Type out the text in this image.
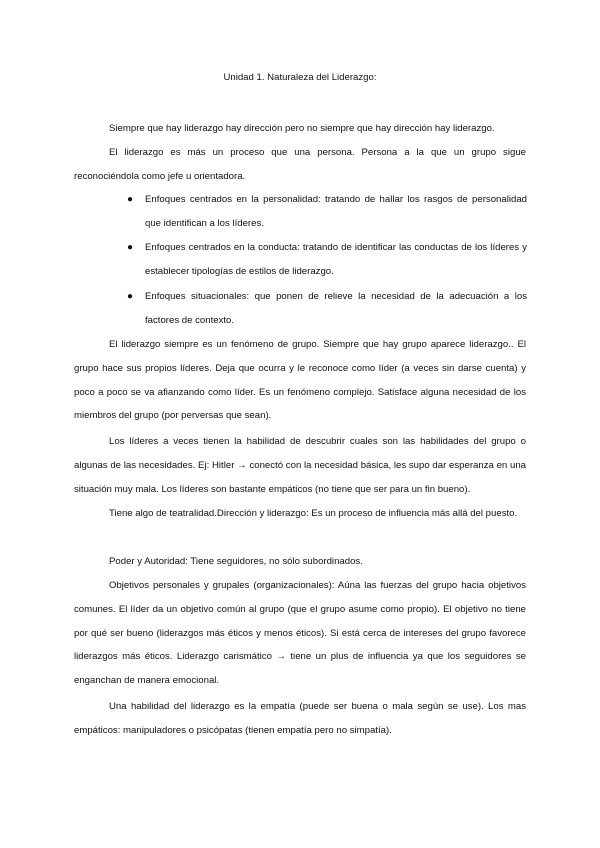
Unidad 1. Naturaleza del Liderazgo:
Siempre que hay liderazgo hay dirección pero no siempre que hay dirección hay liderazgo.
El liderazgo es más un proceso que una persona. Persona a la que un grupo sigue reconociéndola como jefe u orientadora.
● Enfoques centrados en la personalidad: tratando de hallar los rasgos de personalidad que identifican a los líderes.
● Enfoques centrados en la conducta: tratando de identificar las conductas de los líderes y establecer tipologías de estilos de liderazgo.
● Enfoques situacionales: que ponen de relieve la necesidad de la adecuación a los factores de contexto.
El liderazgo siempre es un fenómeno de grupo. Siempre que hay grupo aparece liderazgo.. El grupo hace sus propios líderes. Deja que ocurra y le reconoce como líder (a veces sin darse cuenta) y poco a poco se va afianzando como líder. Es un fenómeno complejo. Satisface alguna necesidad de los miembros del grupo (por perversas que sean).
Los líderes a veces tienen la habilidad de descubrir cuales son las habilidades del grupo o algunas de las necesidades. Ej: Hitler → conectó con la necesidad básica, les supo dar esperanza en una situación muy mala. Los líderes son bastante empáticos (no tiene que ser para un fin bueno).
Tiene algo de teatralidad.Dirección y liderazgo: Es un proceso de influencia más allá del puesto.
Poder y Autoridad: Tiene seguidores, no sólo subordinados.
Objetivos personales y grupales (organizacionales): Aúna las fuerzas del grupo hacia objetivos comunes. El líder da un objetivo común al grupo (que el grupo asume como propio). El objetivo no tiene por qué ser bueno (liderazgos más éticos y menos éticos). Si está cerca de intereses del grupo favorece liderazgos más éticos. Liderazgo carismático → tiene un plus de influencia ya que los seguidores se enganchan de manera emocional.
Una habilidad del liderazgo es la empatía (puede ser buena o mala según se use). Los mas empáticos: manipuladores o psicópatas (tienen empatía pero no simpatía).
